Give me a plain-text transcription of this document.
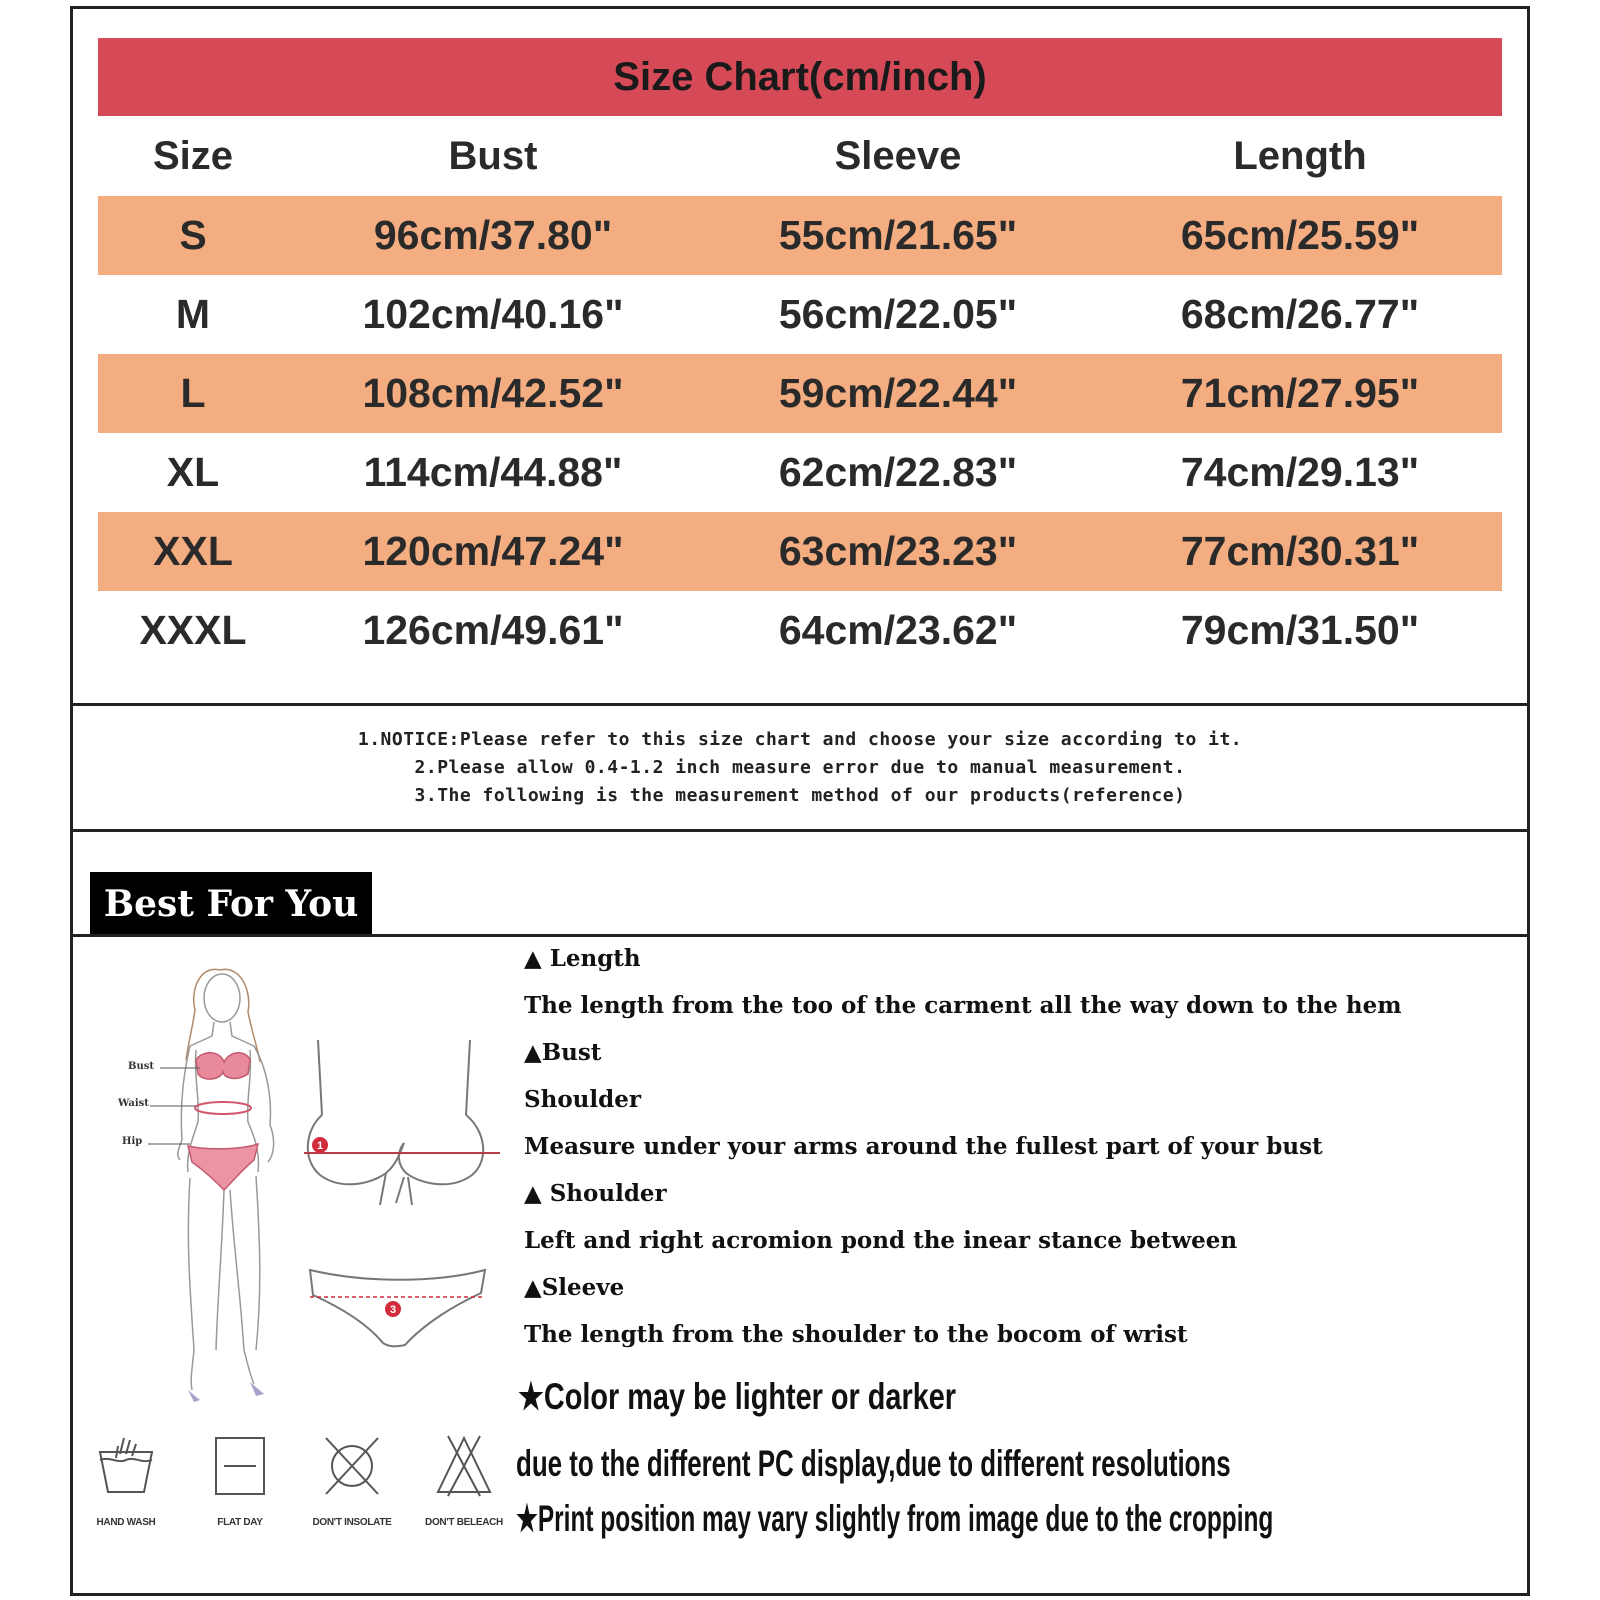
Size Chart(cm/inch)
Size	Bust	Sleeve	Length
S	96cm/37.80"	55cm/21.65"	65cm/25.59"
M	102cm/40.16"	56cm/22.05"	68cm/26.77"
L	108cm/42.52"	59cm/22.44"	71cm/27.95"
XL	114cm/44.88"	62cm/22.83"	74cm/29.13"
XXL	120cm/47.24"	63cm/23.23"	77cm/30.31"
XXXL	126cm/49.61"	64cm/23.62"	79cm/31.50"
1.NOTICE:Please refer to this size chart and choose your size according to it.
2.Please allow 0.4-1.2 inch measure error due to manual measurement.
3.The following is the measurement method of our products(reference)
Best For You
Bust
Waist
Hip	1
3
▲ Length
The length from the too of the carment all the way down to the hem
▲Bust
Shoulder
Measure under your arms around the fullest part of your bust
▲ Shoulder
Left and right acromion pond the inear stance between
▲Sleeve
The length from the shoulder to the bocom of wrist
★Color may be lighter or darker
due to the different PC display,due to different resolutions
★Print position may vary slightly from image due to the cropping
HAND WASH	FLAT DAY	DON'T INSOLATE	DON'T BELEACH
